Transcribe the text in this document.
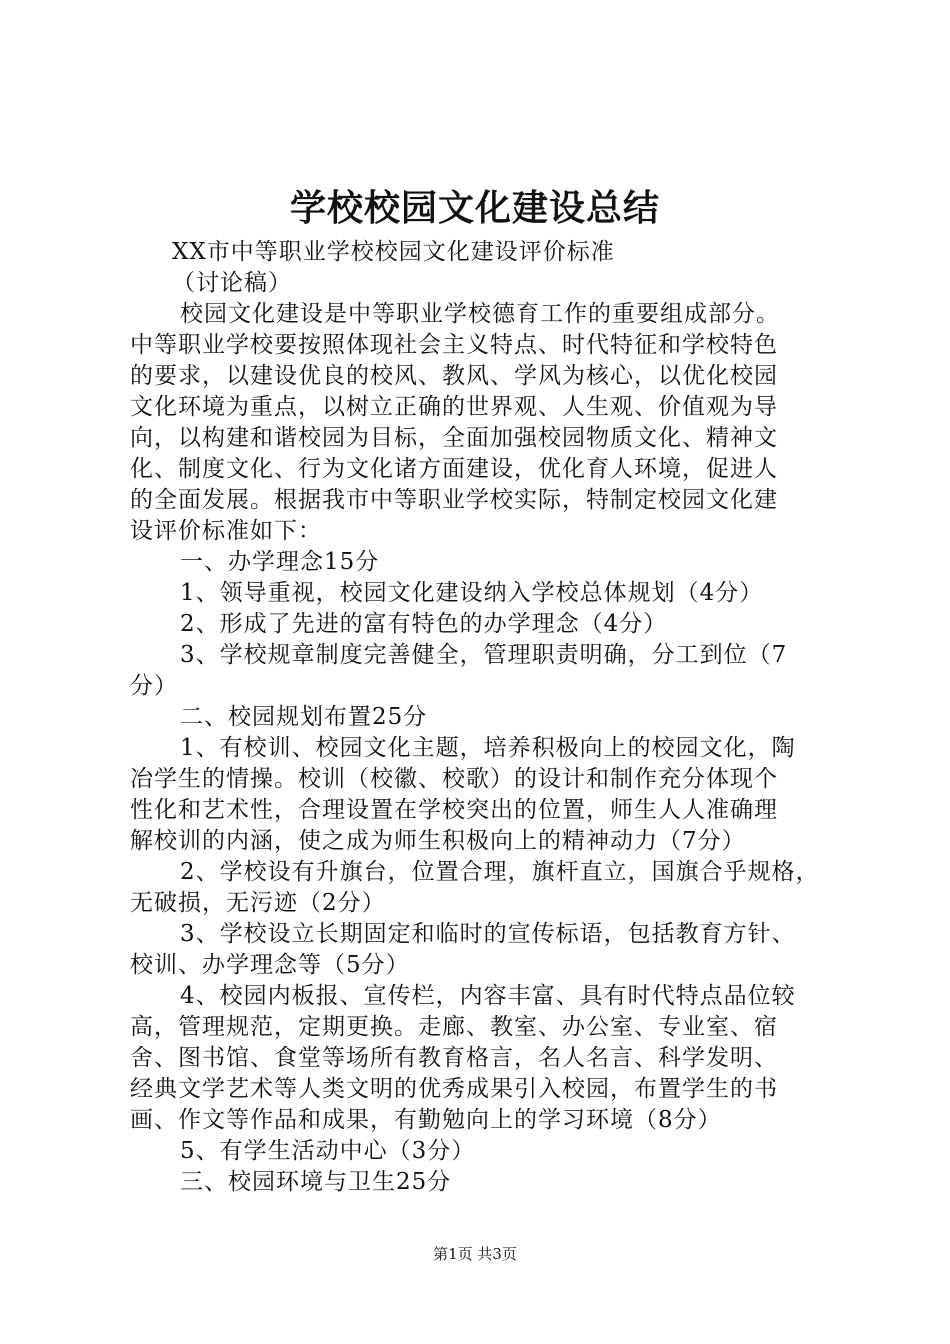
学校校园文化建设总结
XX市中等职业学校校园文化建设评价标准
（讨论稿）
校园文化建设是中等职业学校德育工作的重要组成部分。
中等职业学校要按照体现社会主义特点、时代特征和学校特色
的要求，以建设优良的校风、教风、学风为核心，以优化校园
文化环境为重点，以树立正确的世界观、人生观、价值观为导
向，以构建和谐校园为目标，全面加强校园物质文化、精神文
化、制度文化、行为文化诸方面建设，优化育人环境，促进人
的全面发展。根据我市中等职业学校实际，特制定校园文化建
设评价标准如下：
一、办学理念15分
1、领导重视，校园文化建设纳入学校总体规划（4分）
2、形成了先进的富有特色的办学理念（4分）
3、学校规章制度完善健全，管理职责明确，分工到位（7
分）
二、校园规划布置25分
1、有校训、校园文化主题，培养积极向上的校园文化，陶
冶学生的情操。校训（校徽、校歌）的设计和制作充分体现个
性化和艺术性，合理设置在学校突出的位置，师生人人准确理
解校训的内涵，使之成为师生积极向上的精神动力（7分）
2、学校设有升旗台，位置合理，旗杆直立，国旗合乎规格，
无破损，无污迹（2分）
3、学校设立长期固定和临时的宣传标语，包括教育方针、
校训、办学理念等（5分）
4、校园内板报、宣传栏，内容丰富、具有时代特点品位较
高，管理规范，定期更换。走廊、教室、办公室、专业室、宿
舍、图书馆、食堂等场所有教育格言，名人名言、科学发明、
经典文学艺术等人类文明的优秀成果引入校园，布置学生的书
画、作文等作品和成果，有勤勉向上的学习环境（8分）
5、有学生活动中心（3分）
三、校园环境与卫生25分
第1页 共3页
